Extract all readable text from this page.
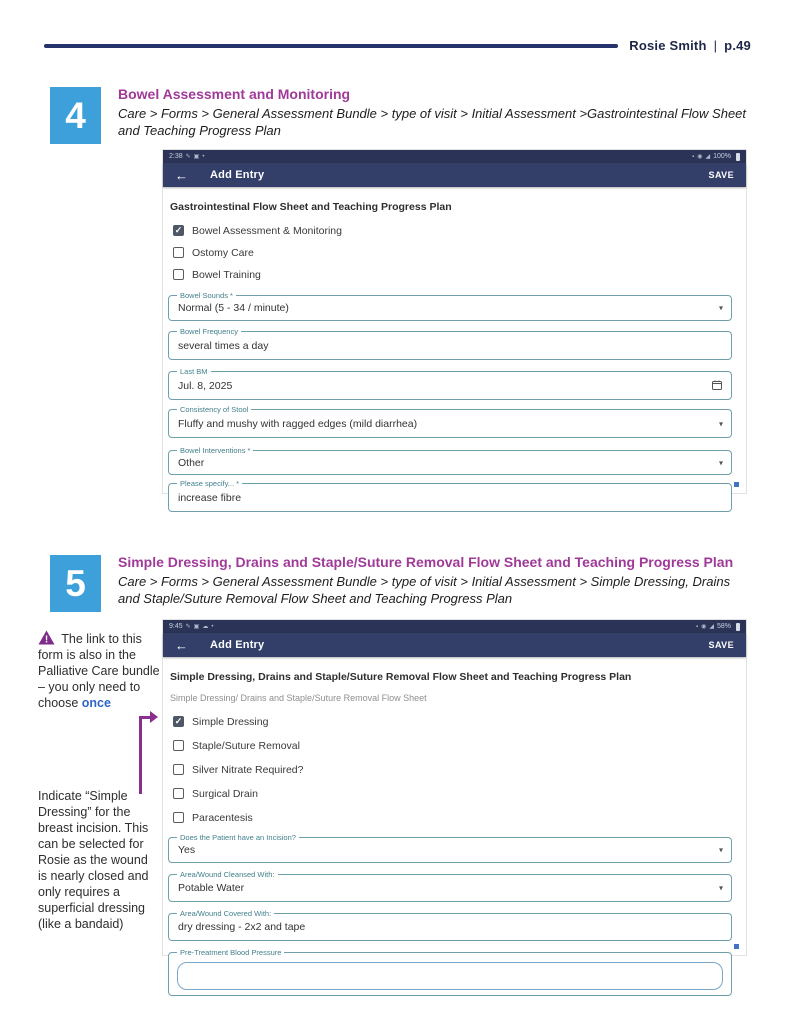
Rosie Smith | p.49
4
Bowel Assessment and Monitoring
Care > Forms > General Assessment Bundle > type of visit > Initial Assessment >Gastrointestinal Flow Sheet and Teaching Progress Plan
2:38 ✎ ▣ •	▪ ◉ ◢ 100%
← Add Entry	SAVE
Gastrointestinal Flow Sheet and Teaching Progress Plan
✓ Bowel Assessment & Monitoring
Ostomy Care
Bowel Training
Bowel Sounds *
Normal (5 - 34 / minute)	▾
Bowel Frequency
several times a day
Last BM
Jul. 8, 2025
Consistency of Stool
Fluffy and mushy with ragged edges (mild diarrhea)	▾
Bowel Interventions *
Other	▾
Please specify... *
increase fibre
5
Simple Dressing, Drains and Staple/Suture Removal Flow Sheet and Teaching Progress Plan
Care > Forms > General Assessment Bundle > type of visit > Initial Assessment > Simple Dressing, Drains and Staple/Suture Removal Flow Sheet and Teaching Progress Plan
! The link to this form is also in the Palliative Care bundle – you only need to choose once
Indicate “Simple Dressing” for the breast incision. This can be selected for Rosie as the wound is nearly closed and only requires a superficial dressing (like a bandaid)
9:45 ✎ ▣ ☁ •	▪ ◉ ◢ 58%
← Add Entry	SAVE
Simple Dressing, Drains and Staple/Suture Removal Flow Sheet and Teaching Progress Plan
Simple Dressing/ Drains and Staple/Suture Removal Flow Sheet
✓ Simple Dressing
Staple/Suture Removal
Silver Nitrate Required?
Surgical Drain
Paracentesis
Does the Patient have an Incision?
Yes	▾
Area/Wound Cleansed With:
Potable Water	▾
Area/Wound Covered With:
dry dressing - 2x2 and tape
Pre-Treatment Blood Pressure
